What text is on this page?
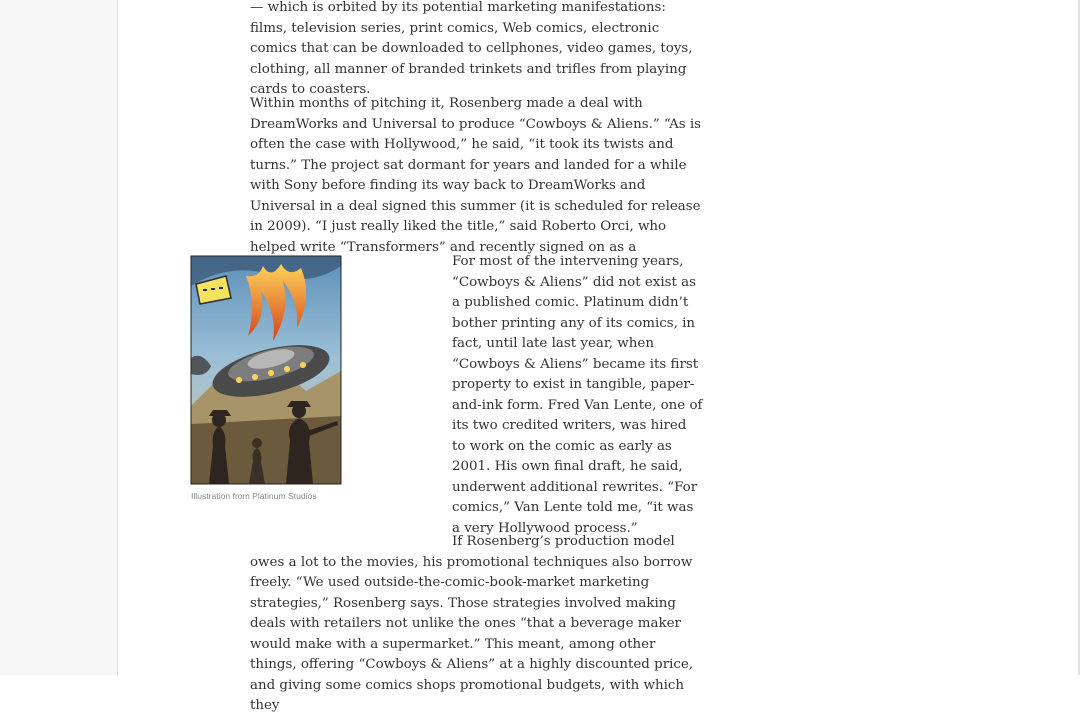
— which is orbited by its potential marketing manifestations: films, television series, print comics, Web comics, electronic comics that can be downloaded to cellphones, video games, toys, clothing, all manner of branded trinkets and trifles from playing cards to coasters.

Within months of pitching it, Rosenberg made a deal with DreamWorks and Universal to produce “Cowboys & Aliens.” “As is often the case with Hollywood,” he said, “it took its twists and turns.” The project sat dormant for years and landed for a while with Sony before finding its way back to DreamWorks and Universal in a deal signed this summer (it is scheduled for release in 2009). “I just really liked the title,” said Roberto Orci, who helped write “Transformers” and recently signed on as a

Illustration from Platinum Studios

For most of the intervening years, “Cowboys & Aliens” did not exist as a published comic. Platinum didn’t bother printing any of its comics, in fact, until late last year, when “Cowboys & Aliens” became its first property to exist in tangible, paper-and-ink form. Fred Van Lente, one of its two credited writers, was hired to work on the comic as early as 2001. His own final draft, he said, underwent additional rewrites. “For comics,” Van Lente told me, “it was a very Hollywood process.”

If Rosenberg’s production model owes a lot to the movies, his promotional techniques also borrow freely. “We used outside-the-comic-book-market marketing strategies,” Rosenberg says. Those strategies involved making deals with retailers not unlike the ones “that a beverage maker would make with a supermarket.” This meant, among other things, offering “Cowboys & Aliens” at a highly discounted price, and giving some comics shops promotional budgets, with which they
